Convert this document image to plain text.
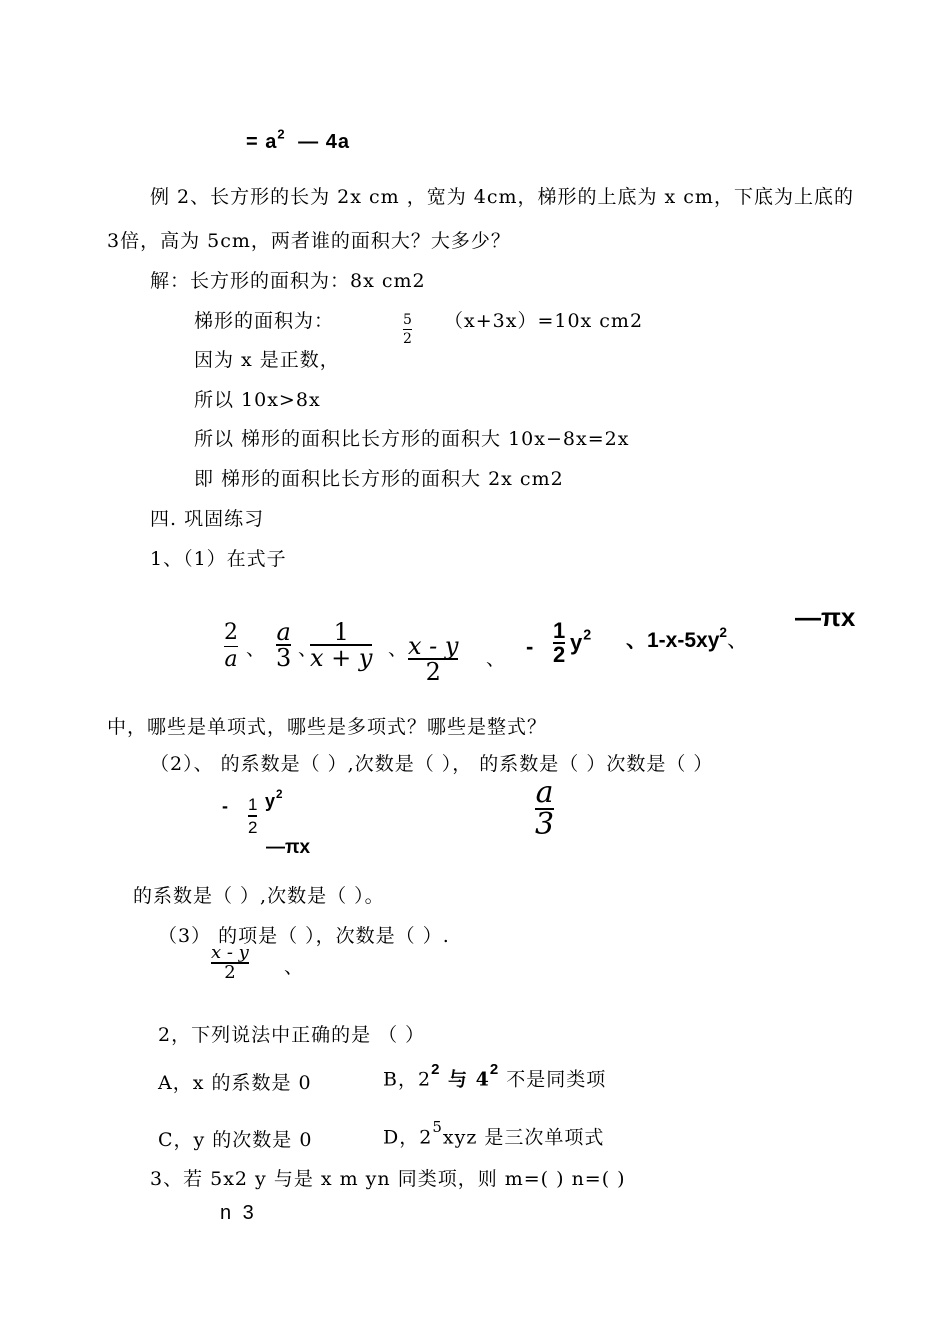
= $a^2$ — 4a
例 2、长方形的长为 2x cm ，宽为 4cm，梯形的上底为 x cm，下底为上底的
3倍，高为 5cm，两者谁的面积大？大多少？
解：长方形的面积为：8x cm2
梯形的面积为：	5
2
（x+3x）=10x cm2
因为 x 是正数，
所以 10x>8x
所以 梯形的面积比长方形的面积大 10x−8x=2x
即 梯形的面积比长方形的面积大 2x cm2
四. 巩固练习
1、（1）在式子
2
a 、
a
3 、
1
x + y 、 x - y
2 、 -
1
2 $y^2$ 、$1-x-5xy^2$、
—πx
中，哪些是单项式，哪些是多项式？哪些是整式？
（2）、 的系数是（ ）,次数是（ ）， 的系数是（ ）次数是（ ）
- 1
2
$y^2$
—πx
a
3
的系数是（ ）,次数是（ ）。
（3） 的项是（ ），次数是（ ）.
x - y
2	、
2，下列说法中正确的是 （ ）
A，x 的系数是 0	B，$2^2$ 与 $4^2$ 不是同类项
C，y 的次数是 0	D，$2^5xyz$ 是三次单项式
3、若 5x2 y 与是 x m yn 同类项，则 m=( ) n=( )
n 3
